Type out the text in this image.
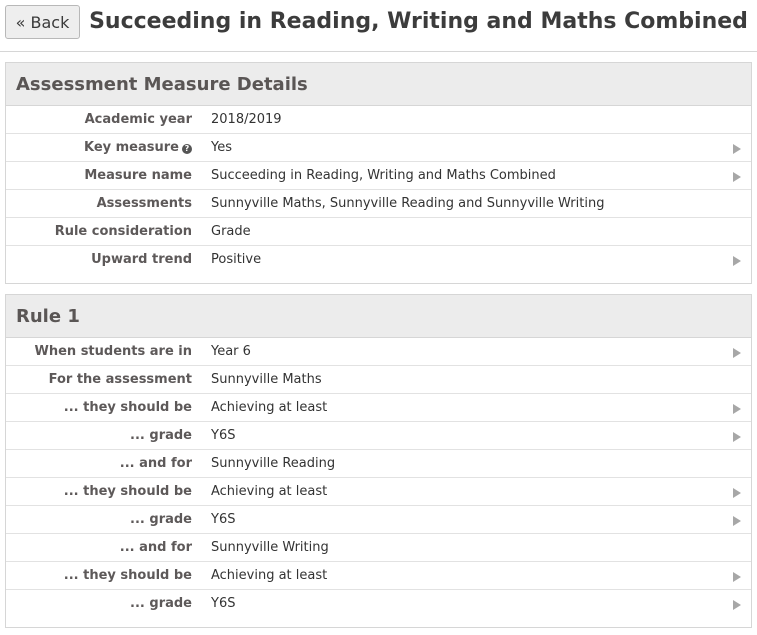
« Back Succeeding in Reading, Writing and Maths Combined
Assessment Measure Details
Academic year 2018/2019
Key measure ? Yes
Measure name Succeeding in Reading, Writing and Maths Combined
Assessments Sunnyville Maths, Sunnyville Reading and Sunnyville Writing
Rule consideration Grade
Upward trend Positive
Rule 1
When students are in Year 6
For the assessment Sunnyville Maths
... they should be Achieving at least
... grade Y6S
... and for Sunnyville Reading
... they should be Achieving at least
... grade Y6S
... and for Sunnyville Writing
... they should be Achieving at least
... grade Y6S
